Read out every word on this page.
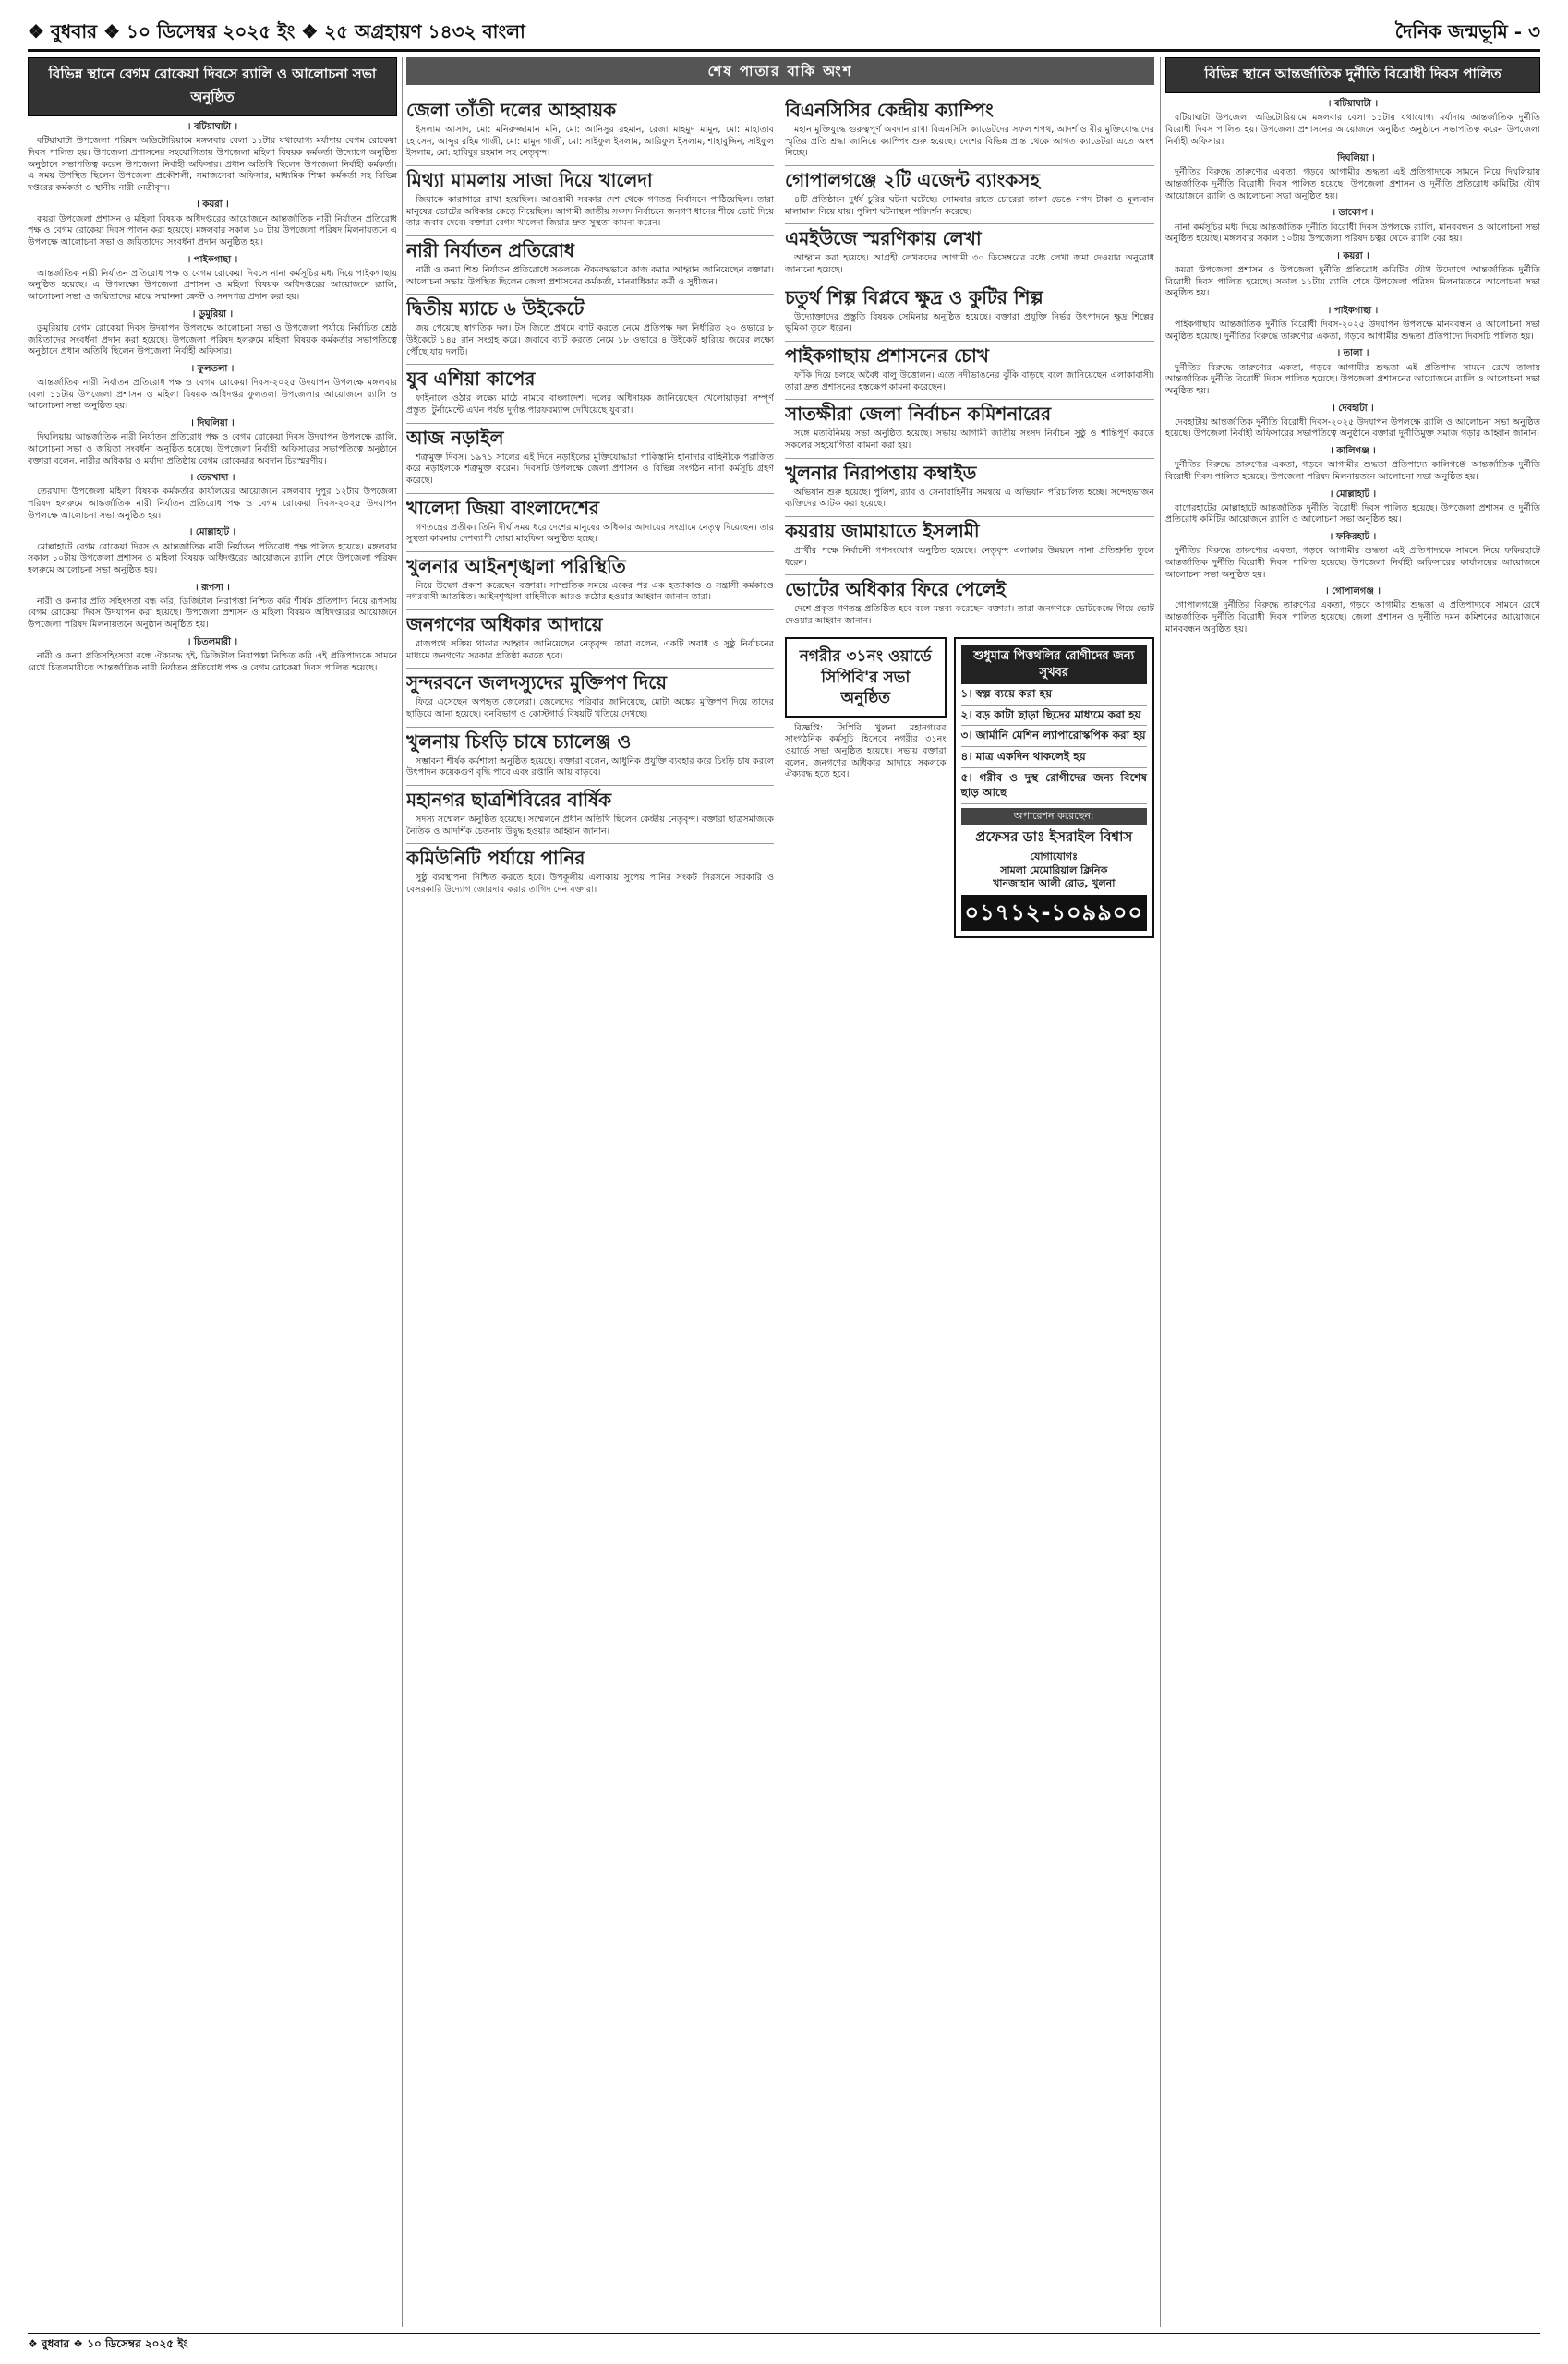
❖ বুধবার ❖ ১০ ডিসেম্বর ২০২৫ ইং ❖ ২৫ অগ্রহায়ণ ১৪৩২ বাংলা	দৈনিক জন্মভূমি - ৩
বিভিন্ন স্থানে বেগম রোকেয়া দিবসে র‌্যালি ও আলোচনা সভা অনুষ্ঠিত
। বটিয়াঘাটা ।

বটিয়াঘাটা উপজেলা পরিষদ অডিটোরিয়ামে মঙ্গলবার বেলা ১১টায় যথাযোগ্য মর্যাদায় বেগম রোকেয়া দিবস পালিত হয়। উপজেলা প্রশাসনের সহযোগিতায় উপজেলা মহিলা বিষয়ক কর্মকর্তা উদ্যোগে অনুষ্ঠিত অনুষ্ঠানে সভাপতিত্ব করেন উপজেলা নির্বাহী অফিসার। প্রধান অতিথি ছিলেন উপজেলা নির্বাহী কর্মকর্তা। এ সময় উপস্থিত ছিলেন উপজেলা প্রকৌশলী, সমাজসেবা অফিসার, মাধ্যমিক শিক্ষা কর্মকর্তা সহ বিভিন্ন দপ্তরের কর্মকর্তা ও স্থানীয় নারী নেত্রীবৃন্দ।

। কয়রা ।

কয়রা উপজেলা প্রশাসন ও মহিলা বিষয়ক অধিদপ্তরের আয়োজনে আন্তর্জাতিক নারী নির্যাতন প্রতিরোধ পক্ষ ও বেগম রোকেয়া দিবস পালন করা হয়েছে। মঙ্গলবার সকাল ১০ টায় উপজেলা পরিষদ মিলনায়তনে এ উপলক্ষে আলোচনা সভা ও জয়িতাদের সংবর্ধনা প্রদান অনুষ্ঠিত হয়।

। পাইকগাছা ।

আন্তর্জাতিক নারী নির্যাতন প্রতিরোধ পক্ষ ও বেগম রোকেয়া দিবসে নানা কর্মসূচির মধ্য দিয়ে পাইকগাছায় অনুষ্ঠিত হয়েছে। এ উপলক্ষ্যে উপজেলা প্রশাসন ও মহিলা বিষয়ক অধিদপ্তরের আয়োজনে র‌্যালি, আলোচনা সভা ও জয়িতাদের মাঝে সম্মাননা ক্রেস্ট ও সনদপত্র প্রদান করা হয়।

। ডুমুরিয়া ।

ডুমুরিয়ায় বেগম রোকেয়া দিবস উদযাপন উপলক্ষে আলোচনা সভা ও উপজেলা পর্যায়ে নির্বাচিত শ্রেষ্ঠ জয়িতাদের সংবর্ধনা প্রদান করা হয়েছে। উপজেলা পরিষদ হলরুমে মহিলা বিষয়ক কর্মকর্তার সভাপতিত্বে অনুষ্ঠানে প্রধান অতিথি ছিলেন উপজেলা নির্বাহী অফিসার।

। ফুলতলা ।

আন্তর্জাতিক নারী নির্যাতন প্রতিরোধ পক্ষ ও বেগম রোকেয়া দিবস-২০২৫ উদযাপন উপলক্ষে মঙ্গলবার বেলা ১১টায় উপজেলা প্রশাসন ও মহিলা বিষয়ক অধিদপ্তর ফুলতলা উপজেলার আয়োজনে র‌্যালি ও আলোচনা সভা অনুষ্ঠিত হয়।

। দিঘলিয়া ।

দিঘলিয়ায় আন্তর্জাতিক নারী নির্যাতন প্রতিরোধ পক্ষ ও বেগম রোকেয়া দিবস উদযাপন উপলক্ষে র‌্যালি, আলোচনা সভা ও জয়িতা সংবর্ধনা অনুষ্ঠিত হয়েছে। উপজেলা নির্বাহী অফিসারের সভাপতিত্বে অনুষ্ঠানে বক্তারা বলেন, নারীর অধিকার ও মর্যাদা প্রতিষ্ঠায় বেগম রোকেয়ার অবদান চিরস্মরণীয়।

। তেরখাদা ।

তেরখাদা উপজেলা মহিলা বিষয়ক কর্মকর্তার কার্যালয়ের আয়োজনে মঙ্গলবার দুপুর ১২টায় উপজেলা পরিষদ হলরুমে আন্তর্জাতিক নারী নির্যাতন প্রতিরোধ পক্ষ ও বেগম রোকেয়া দিবস-২০২৫ উদযাপন উপলক্ষে আলোচনা সভা অনুষ্ঠিত হয়।

। মোল্লাহাট ।

মোল্লাহাটে বেগম রোকেয়া দিবস ও আন্তর্জাতিক নারী নির্যাতন প্রতিরোধ পক্ষ পালিত হয়েছে। মঙ্গলবার সকাল ১০টায় উপজেলা প্রশাসন ও মহিলা বিষয়ক অধিদপ্তরের আয়োজনে র‌্যালি শেষে উপজেলা পরিষদ হলরুমে আলোচনা সভা অনুষ্ঠিত হয়।

। রূপসা ।

নারী ও কন্যার প্রতি সহিংসতা বন্ধ করি, ডিজিটাল নিরাপত্তা নিশ্চিত করি শীর্ষক প্রতিপাদ্য নিয়ে রূপসায় বেগম রোকেয়া দিবস উদযাপন করা হয়েছে। উপজেলা প্রশাসন ও মহিলা বিষয়ক অধিদপ্তরের আয়োজনে উপজেলা পরিষদ মিলনায়তনে অনুষ্ঠান অনুষ্ঠিত হয়।

। চিতলমারী ।

নারী ও কন্যা প্রতিসহিংসতা বন্ধে ঐক্যবদ্ধ হই, ডিজিটাল নিরাপত্তা নিশ্চিত করি এই প্রতিপাদ্যকে সামনে রেখে চিতলমারীতে আন্তর্জাতিক নারী নির্যাতন প্রতিরোধ পক্ষ ও বেগম রোকেয়া দিবস পালিত হয়েছে।

শেষ পাতার বাকি অংশ
জেলা তাঁতী দলের আহ্বায়ক

ইসলাম আসাদ, মো: মনিরুজ্জামান মনি, মো: আনিসুর রহমান, রেজা মাহমুদ মামুন, মো: মাহাতাব হোসেন, আব্দুর রহিম গাজী, মো: মামুন গাজী, মো: সাইফুল ইসলাম, আরিফুল ইসলাম, শাহাবুদ্দিন, সাইফুল ইসলাম, মো: হাবিবুর রহমান সহ নেতৃবৃন্দ।

মিথ্যা মামলায় সাজা দিয়ে খালেদা

জিয়াকে কারাগারে রাখা হয়েছিল। আওয়ামী সরকার দেশ থেকে গণতন্ত্র নির্বাসনে পাঠিয়েছিল। তারা মানুষের ভোটের অধিকার কেড়ে নিয়েছিল। আগামী জাতীয় সংসদ নির্বাচনে জনগণ ধানের শীষে ভোট দিয়ে তার জবাব দেবে। বক্তারা বেগম খালেদা জিয়ার দ্রুত সুস্থতা কামনা করেন।

নারী নির্যাতন প্রতিরোধ

নারী ও কন্যা শিশু নির্যাতন প্রতিরোধে সকলকে ঐক্যবদ্ধভাবে কাজ করার আহ্বান জানিয়েছেন বক্তারা। আলোচনা সভায় উপস্থিত ছিলেন জেলা প্রশাসনের কর্মকর্তা, মানবাধিকার কর্মী ও সুধীজন।

দ্বিতীয় ম্যাচে ৬ উইকেটে

জয় পেয়েছে স্বাগতিক দল। টস জিতে প্রথমে ব্যাট করতে নেমে প্রতিপক্ষ দল নির্ধারিত ২০ ওভারে ৮ উইকেটে ১৪৫ রান সংগ্রহ করে। জবাবে ব্যাট করতে নেমে ১৮ ওভারে ৪ উইকেট হারিয়ে জয়ের লক্ষ্যে পৌঁছে যায় দলটি।

যুব এশিয়া কাপের

ফাইনালে ওঠার লক্ষ্যে মাঠে নামবে বাংলাদেশ। দলের অধিনায়ক জানিয়েছেন খেলোয়াড়রা সম্পূর্ণ প্রস্তুত। টুর্নামেন্টে এখন পর্যন্ত দুর্দান্ত পারফরম্যান্স দেখিয়েছে যুবারা।

আজ নড়াইল

শত্রুমুক্ত দিবস। ১৯৭১ সালের এই দিনে নড়াইলের মুক্তিযোদ্ধারা পাকিস্তানি হানাদার বাহিনীকে পরাজিত করে নড়াইলকে শত্রুমুক্ত করেন। দিবসটি উপলক্ষে জেলা প্রশাসন ও বিভিন্ন সংগঠন নানা কর্মসূচি গ্রহণ করেছে।

খালেদা জিয়া বাংলাদেশের

গণতন্ত্রের প্রতীক। তিনি দীর্ঘ সময় ধরে দেশের মানুষের অধিকার আদায়ের সংগ্রামে নেতৃত্ব দিয়েছেন। তার সুস্থতা কামনায় দেশব্যাপী দোয়া মাহফিল অনুষ্ঠিত হচ্ছে।

খুলনার আইনশৃঙ্খলা পরিস্থিতি

নিয়ে উদ্বেগ প্রকাশ করেছেন বক্তারা। সাম্প্রতিক সময়ে একের পর এক হত্যাকাণ্ড ও সন্ত্রাসী কর্মকাণ্ডে নগরবাসী আতঙ্কিত। আইনশৃঙ্খলা বাহিনীকে আরও কঠোর হওয়ার আহ্বান জানান তারা।

জনগণের অধিকার আদায়ে

রাজপথে সক্রিয় থাকার আহ্বান জানিয়েছেন নেতৃবৃন্দ। তারা বলেন, একটি অবাধ ও সুষ্ঠু নির্বাচনের মাধ্যমে জনগণের সরকার প্রতিষ্ঠা করতে হবে।

সুন্দরবনে জলদস্যুদের মুক্তিপণ দিয়ে

ফিরে এসেছেন অপহৃত জেলেরা। জেলেদের পরিবার জানিয়েছে, মোটা অঙ্কের মুক্তিপণ দিয়ে তাদের ছাড়িয়ে আনা হয়েছে। বনবিভাগ ও কোস্টগার্ড বিষয়টি খতিয়ে দেখছে।

খুলনায় চিংড়ি চাষে চ্যালেঞ্জ ও

সম্ভাবনা শীর্ষক কর্মশালা অনুষ্ঠিত হয়েছে। বক্তারা বলেন, আধুনিক প্রযুক্তি ব্যবহার করে চিংড়ি চাষ করলে উৎপাদন কয়েকগুণ বৃদ্ধি পাবে এবং রপ্তানি আয় বাড়বে।

মহানগর ছাত্রশিবিরের বার্ষিক

সদস্য সম্মেলন অনুষ্ঠিত হয়েছে। সম্মেলনে প্রধান অতিথি ছিলেন কেন্দ্রীয় নেতৃবৃন্দ। বক্তারা ছাত্রসমাজকে নৈতিক ও আদর্শিক চেতনায় উদ্বুদ্ধ হওয়ার আহ্বান জানান।

কমিউনিটি পর্যায়ে পানির

সুষ্ঠু ব্যবস্থাপনা নিশ্চিত করতে হবে। উপকূলীয় এলাকায় সুপেয় পানির সংকট নিরসনে সরকারি ও বেসরকারি উদ্যোগ জোরদার করার তাগিদ দেন বক্তারা।

বিএনসিসির কেন্দ্রীয় ক্যাম্পিং

মহান মুক্তিযুদ্ধে গুরুত্বপূর্ণ অবদান রাখা বিএনসিসি ক্যাডেটদের সফল শপথ, আদর্শ ও বীর মুক্তিযোদ্ধাদের স্মৃতির প্রতি শ্রদ্ধা জানিয়ে ক্যাম্পিং শুরু হয়েছে। দেশের বিভিন্ন প্রান্ত থেকে আগত ক্যাডেটরা এতে অংশ নিচ্ছে।

গোপালগঞ্জে ২টি এজেন্ট ব্যাংকসহ

৪টি প্রতিষ্ঠানে দুর্ধর্ষ চুরির ঘটনা ঘটেছে। সোমবার রাতে চোরেরা তালা ভেঙে নগদ টাকা ও মূল্যবান মালামাল নিয়ে যায়। পুলিশ ঘটনাস্থল পরিদর্শন করেছে।

এমইউজে স্মরণিকায় লেখা

আহ্বান করা হয়েছে। আগ্রহী লেখকদের আগামী ৩০ ডিসেম্বরের মধ্যে লেখা জমা দেওয়ার অনুরোধ জানানো হয়েছে।

চতুর্থ শিল্প বিপ্লবে ক্ষুদ্র ও কুটির শিল্প

উদ্যোক্তাদের প্রস্তুতি বিষয়ক সেমিনার অনুষ্ঠিত হয়েছে। বক্তারা প্রযুক্তি নির্ভর উৎপাদনে ক্ষুদ্র শিল্পের ভূমিকা তুলে ধরেন।

পাইকগাছায় প্রশাসনের চোখ

ফাঁকি দিয়ে চলছে অবৈধ বালু উত্তোলন। এতে নদীভাঙনের ঝুঁকি বাড়ছে বলে জানিয়েছেন এলাকাবাসী। তারা দ্রুত প্রশাসনের হস্তক্ষেপ কামনা করেছেন।

সাতক্ষীরা জেলা নির্বাচন কমিশনারের

সঙ্গে মতবিনিময় সভা অনুষ্ঠিত হয়েছে। সভায় আগামী জাতীয় সংসদ নির্বাচন সুষ্ঠু ও শান্তিপূর্ণ করতে সকলের সহযোগিতা কামনা করা হয়।

খুলনার নিরাপত্তায় কম্বাইড

অভিযান শুরু হয়েছে। পুলিশ, র‌্যাব ও সেনাবাহিনীর সমন্বয়ে এ অভিযান পরিচালিত হচ্ছে। সন্দেহভাজন ব্যক্তিদের আটক করা হয়েছে।

কয়রায় জামায়াতে ইসলামী

প্রার্থীর পক্ষে নির্বাচনী গণসংযোগ অনুষ্ঠিত হয়েছে। নেতৃবৃন্দ এলাকার উন্নয়নে নানা প্রতিশ্রুতি তুলে ধরেন।

ভোটের অধিকার ফিরে পেলেই

দেশে প্রকৃত গণতন্ত্র প্রতিষ্ঠিত হবে বলে মন্তব্য করেছেন বক্তারা। তারা জনগণকে ভোটকেন্দ্রে গিয়ে ভোট দেওয়ার আহ্বান জানান।

নগরীর ৩১নং ওয়ার্ডে সিপিবি'র সভা অনুষ্ঠিত

বিজ্ঞপ্তি: সিপিবি খুলনা মহানগরের সাংগঠনিক কর্মসূচি হিসেবে নগরীর ৩১নং ওয়ার্ডে সভা অনুষ্ঠিত হয়েছে। সভায় বক্তারা বলেন, জনগণের অধিকার আদায়ে সকলকে ঐক্যবদ্ধ হতে হবে।

শুধুমাত্র পিত্তথলির রোগীদের জন্য সুখবর
১। স্বল্প ব্যয়ে করা হয়
২। বড় কাটা ছাড়া ছিদ্রের মাধ্যমে করা হয়
৩। জার্মানি মেশিন ল্যাপারোস্কপিক করা হয়
৪। মাত্র একদিন থাকলেই হয়
৫। গরীব ও দুস্থ রোগীদের জন্য বিশেষ ছাড় আছে
অপারেশন করেছেন:
প্রফেসর ডাঃ ইসরাইল বিশ্বাস
যোগাযোগঃ
সামলা মেমোরিয়াল ক্লিনিক
খানজাহান আলী রোড, খুলনা
০১৭১২-১০৯৯০০
বিভিন্ন স্থানে আন্তর্জাতিক দুর্নীতি বিরোধী দিবস পালিত
। বটিয়াঘাটা ।

বটিয়াঘাটা উপজেলা অডিটোরিয়ামে মঙ্গলবার বেলা ১১টায় যথাযোগ্য মর্যাদায় আন্তর্জাতিক দুর্নীতি বিরোধী দিবস পালিত হয়। উপজেলা প্রশাসনের আয়োজনে অনুষ্ঠিত অনুষ্ঠানে সভাপতিত্ব করেন উপজেলা নির্বাহী অফিসার।

। দিঘলিয়া ।

দুর্নীতির বিরুদ্ধে তারুণ্যের একতা, গড়বে আগামীর শুদ্ধতা এই প্রতিপাদ্যকে সামনে নিয়ে দিঘলিয়ায় আন্তর্জাতিক দুর্নীতি বিরোধী দিবস পালিত হয়েছে। উপজেলা প্রশাসন ও দুর্নীতি প্রতিরোধ কমিটির যৌথ আয়োজনে র‌্যালি ও আলোচনা সভা অনুষ্ঠিত হয়।

। ডাকোপ ।

নানা কর্মসূচির মধ্য দিয়ে আন্তর্জাতিক দুর্নীতি বিরোধী দিবস উপলক্ষে র‌্যালি, মানববন্ধন ও আলোচনা সভা অনুষ্ঠিত হয়েছে। মঙ্গলবার সকাল ১০টায় উপজেলা পরিষদ চত্বর থেকে র‌্যালি বের হয়।

। কয়রা ।

কয়রা উপজেলা প্রশাসন ও উপজেলা দুর্নীতি প্রতিরোধ কমিটির যৌথ উদ্যোগে আন্তর্জাতিক দুর্নীতি বিরোধী দিবস পালিত হয়েছে। সকাল ১১টায় র‌্যালি শেষে উপজেলা পরিষদ মিলনায়তনে আলোচনা সভা অনুষ্ঠিত হয়।

। পাইকগাছা ।

পাইকগাছায় আন্তর্জাতিক দুর্নীতি বিরোধী দিবস-২০২৫ উদযাপন উপলক্ষে মানববন্ধন ও আলোচনা সভা অনুষ্ঠিত হয়েছে। দুর্নীতির বিরুদ্ধে তারুণ্যের একতা, গড়বে আগামীর শুদ্ধতা প্রতিপাদ্যে দিবসটি পালিত হয়।

। তালা ।

দুর্নীতির বিরুদ্ধে তারুণ্যের একতা, গড়বে আগামীর শুদ্ধতা এই প্রতিপাদ্য সামনে রেখে তালায় আন্তর্জাতিক দুর্নীতি বিরোধী দিবস পালিত হয়েছে। উপজেলা প্রশাসনের আয়োজনে র‌্যালি ও আলোচনা সভা অনুষ্ঠিত হয়।

। দেবহাটা ।

দেবহাটায় আন্তর্জাতিক দুর্নীতি বিরোধী দিবস-২০২৫ উদযাপন উপলক্ষে র‌্যালি ও আলোচনা সভা অনুষ্ঠিত হয়েছে। উপজেলা নির্বাহী অফিসারের সভাপতিত্বে অনুষ্ঠানে বক্তারা দুর্নীতিমুক্ত সমাজ গড়ার আহ্বান জানান।

। কালিগঞ্জ ।

দুর্নীতির বিরুদ্ধে তারুণ্যের একতা, গড়বে আগামীর শুদ্ধতা প্রতিপাদ্যে কালিগঞ্জে আন্তর্জাতিক দুর্নীতি বিরোধী দিবস পালিত হয়েছে। উপজেলা পরিষদ মিলনায়তনে আলোচনা সভা অনুষ্ঠিত হয়।

। মোল্লাহাট ।

বাগেরহাটের মোল্লাহাটে আন্তর্জাতিক দুর্নীতি বিরোধী দিবস পালিত হয়েছে। উপজেলা প্রশাসন ও দুর্নীতি প্রতিরোধ কমিটির আয়োজনে র‌্যালি ও আলোচনা সভা অনুষ্ঠিত হয়।

। ফকিরহাট ।

দুর্নীতির বিরুদ্ধে তারুণ্যের একতা, গড়বে আগামীর শুদ্ধতা এই প্রতিপাদ্যকে সামনে নিয়ে ফকিরহাটে আন্তর্জাতিক দুর্নীতি বিরোধী দিবস পালিত হয়েছে। উপজেলা নির্বাহী অফিসারের কার্যালয়ের আয়োজনে আলোচনা সভা অনুষ্ঠিত হয়।

। গোপালগঞ্জ ।

গোপালগঞ্জে দুর্নীতির বিরুদ্ধে তারুণ্যের একতা, গড়বে আগামীর শুদ্ধতা এ প্রতিপাদ্যকে সামনে রেখে আন্তর্জাতিক দুর্নীতি বিরোধী দিবস পালিত হয়েছে। জেলা প্রশাসন ও দুর্নীতি দমন কমিশনের আয়োজনে মানববন্ধন অনুষ্ঠিত হয়।

❖ বুধবার ❖ ১০ ডিসেম্বর ২০২৫ ইং
